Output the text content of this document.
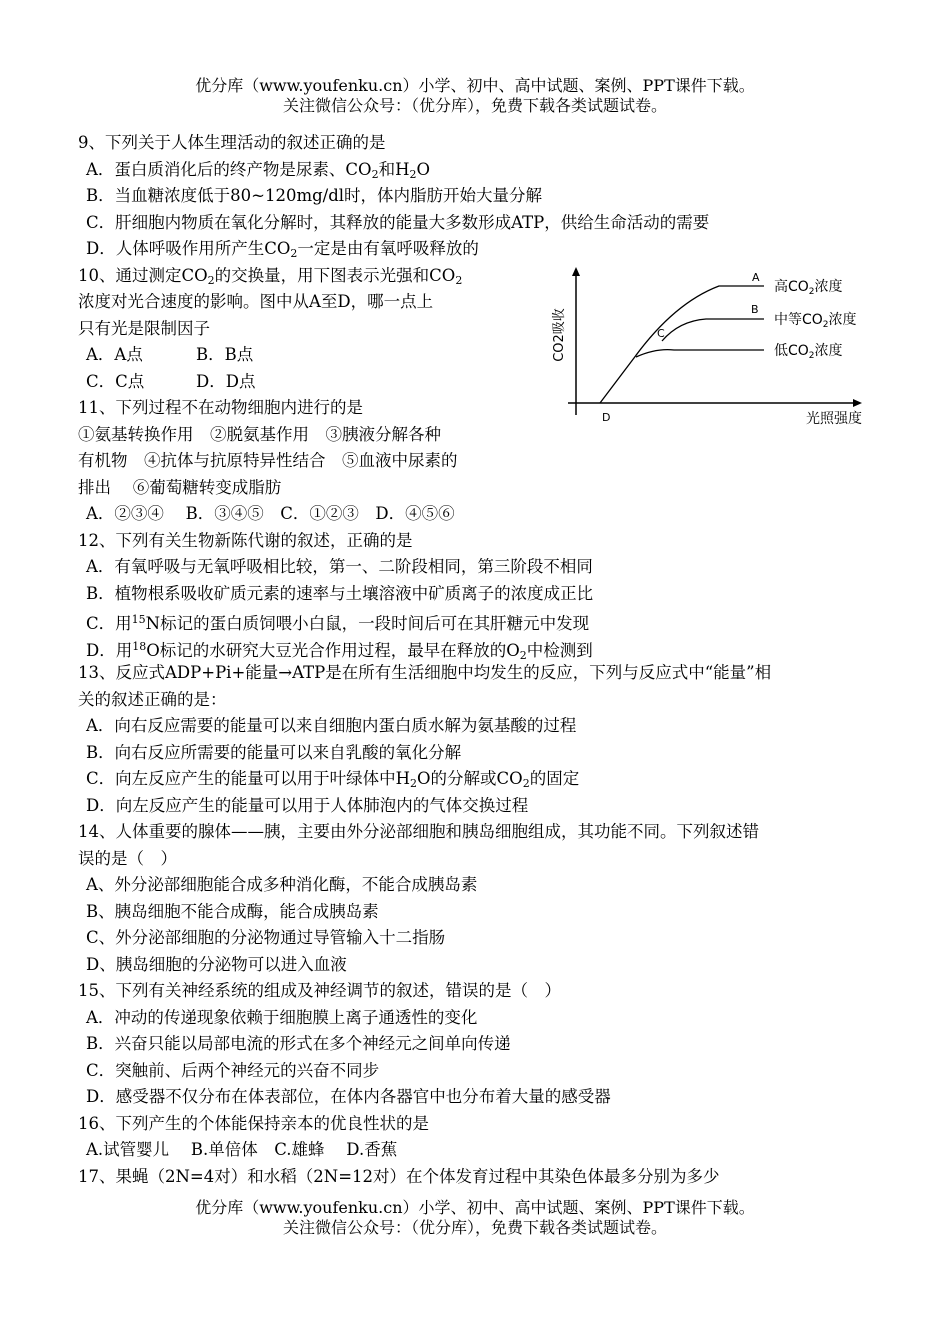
优分库（www.youfenku.cn）小学、初中、高中试题、案例、PPT课件下载。
关注微信公众号：（优分库），免费下载各类试题试卷。
9、下列关于人体生理活动的叙述正确的是
A．蛋白质消化后的终产物是尿素、$CO_2$和$H_2O$
B．当血糖浓度低于80~120mg/dl时，体内脂肪开始大量分解
C．肝细胞内物质在氧化分解时，其释放的能量大多数形成ATP，供给生命活动的需要
D．人体呼吸作用所产生$CO_2$一定是由有氧呼吸释放的
10、通过测定$CO_2$的交换量，用下图表示光强和$CO_2$
浓度对光合速度的影响。图中从A至D，哪一点上
只有光是限制因子
A．A点	B．B点
C．C点	D．D点
11、下列过程不在动物细胞内进行的是
①氨基转换作用　②脱氨基作用　③胰液分解各种
有机物　④抗体与抗原特异性结合　⑤血液中尿素的
排出　 ⑥葡萄糖转变成脂肪
A．②③④　 B．③④⑤　C．①②③　D．④⑤⑥
CO2吸收
光照强度
D
A
B
C
高$CO_2$浓度
中等$CO_2$浓度
低$CO_2$浓度
12、下列有关生物新陈代谢的叙述，正确的是
A．有氧呼吸与无氧呼吸相比较，第一、二阶段相同，第三阶段不相同
B．植物根系吸收矿质元素的速率与土壤溶液中矿质离子的浓度成正比
C．用$^{15}$N标记的蛋白质饲喂小白鼠，一段时间后可在其肝糖元中发现
D．用$^{18}$O标记的水研究大豆光合作用过程，最早在释放的$O_2$中检测到
13、反应式ADP+Pi+能量→ATP是在所有生活细胞中均发生的反应，下列与反应式中“能量”相
关的叙述正确的是：
A．向右反应需要的能量可以来自细胞内蛋白质水解为氨基酸的过程
B．向右反应所需要的能量可以来自乳酸的氧化分解
C．向左反应产生的能量可以用于叶绿体中$H_2O$的分解或$CO_2$的固定
D．向左反应产生的能量可以用于人体肺泡内的气体交换过程
14、人体重要的腺体——胰，主要由外分泌部细胞和胰岛细胞组成，其功能不同。下列叙述错
误的是（　）
A、外分泌部细胞能合成多种消化酶，不能合成胰岛素
B、胰岛细胞不能合成酶，能合成胰岛素
C、外分泌部细胞的分泌物通过导管输入十二指肠
D、胰岛细胞的分泌物可以进入血液
15、下列有关神经系统的组成及神经调节的叙述，错误的是（　）
A．冲动的传递现象依赖于细胞膜上离子通透性的变化
B．兴奋只能以局部电流的形式在多个神经元之间单向传递
C．突触前、后两个神经元的兴奋不同步
D．感受器不仅分布在体表部位，在体内各器官中也分布着大量的感受器
16、下列产生的个体能保持亲本的优良性状的是
A.试管婴儿　 B.单倍体　C.雄蜂　 D.香蕉
17、果蝇（2N=4对）和水稻（2N=12对）在个体发育过程中其染色体最多分别为多少
优分库（www.youfenku.cn）小学、初中、高中试题、案例、PPT课件下载。
关注微信公众号：（优分库），免费下载各类试题试卷。
